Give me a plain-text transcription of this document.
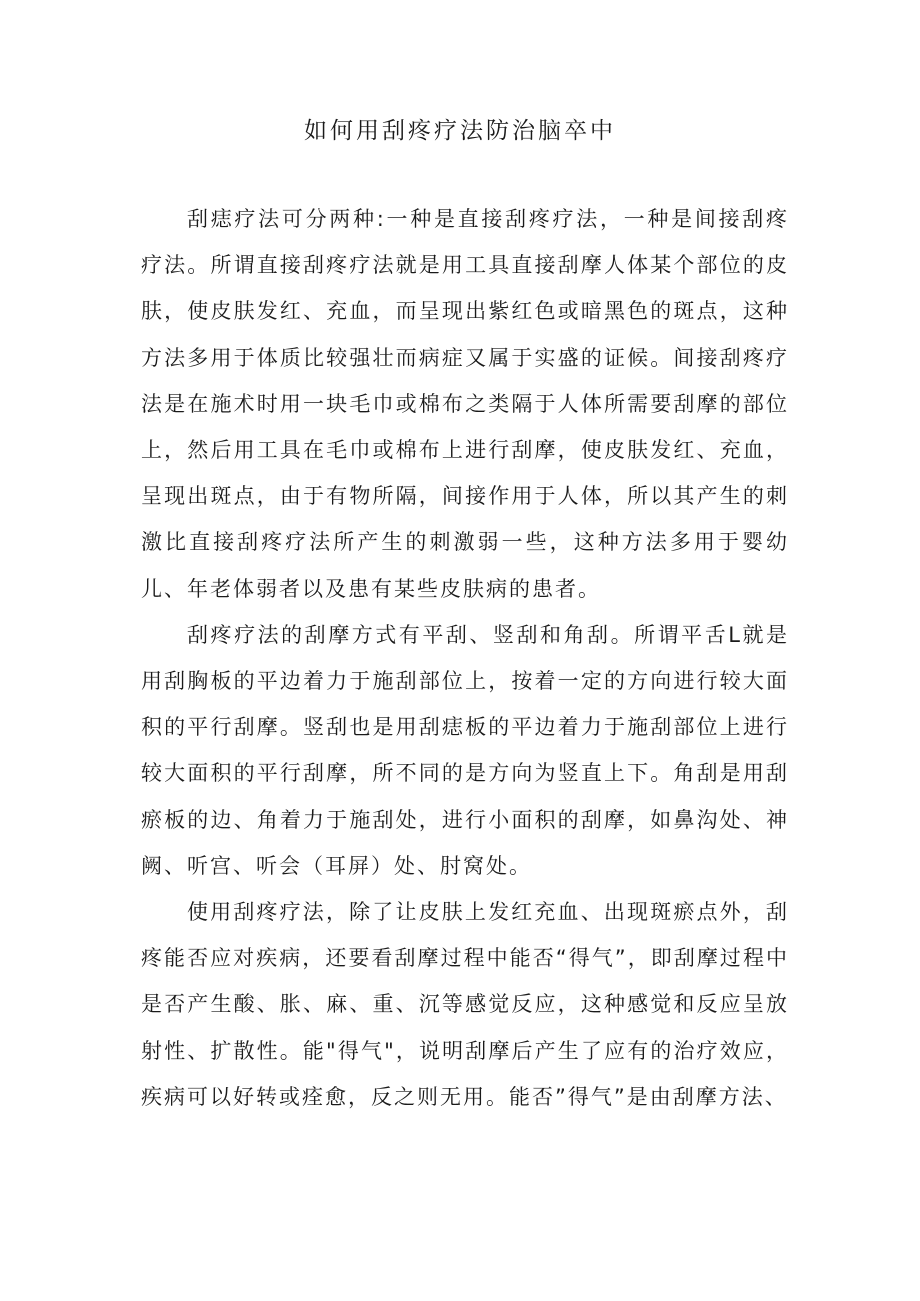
如何用刮疼疗法防治脑卒中

刮痣疗法可分两种:一种是直接刮疼疗法，一种是间接刮疼疗法。所谓直接刮疼疗法就是用工具直接刮摩人体某个部位的皮肤，使皮肤发红、充血，而呈现出紫红色或暗黑色的斑点，这种方法多用于体质比较强壮而病症又属于实盛的证候。间接刮疼疗法是在施术时用一块毛巾或棉布之类隔于人体所需要刮摩的部位上，然后用工具在毛巾或棉布上进行刮摩，使皮肤发红、充血，呈现出斑点，由于有物所隔，间接作用于人体，所以其产生的刺激比直接刮疼疗法所产生的刺激弱一些，这种方法多用于婴幼儿、年老体弱者以及患有某些皮肤病的患者。

刮疼疗法的刮摩方式有平刮、竖刮和角刮。所谓平舌L就是用刮胸板的平边着力于施刮部位上，按着一定的方向进行较大面积的平行刮摩。竖刮也是用刮痣板的平边着力于施刮部位上进行较大面积的平行刮摩，所不同的是方向为竖直上下。角刮是用刮瘀板的边、角着力于施刮处，进行小面积的刮摩，如鼻沟处、神阙、听宫、听会（耳屏）处、肘窝处。

使用刮疼疗法，除了让皮肤上发红充血、出现斑瘀点外，刮疼能否应对疾病，还要看刮摩过程中能否“得气”，即刮摩过程中是否产生酸、胀、麻、重、沉等感觉反应，这种感觉和反应呈放射性、扩散性。能"得气"，说明刮摩后产生了应有的治疗效应，疾病可以好转或痊愈，反之则无用。能否”得气”是由刮摩方法、
